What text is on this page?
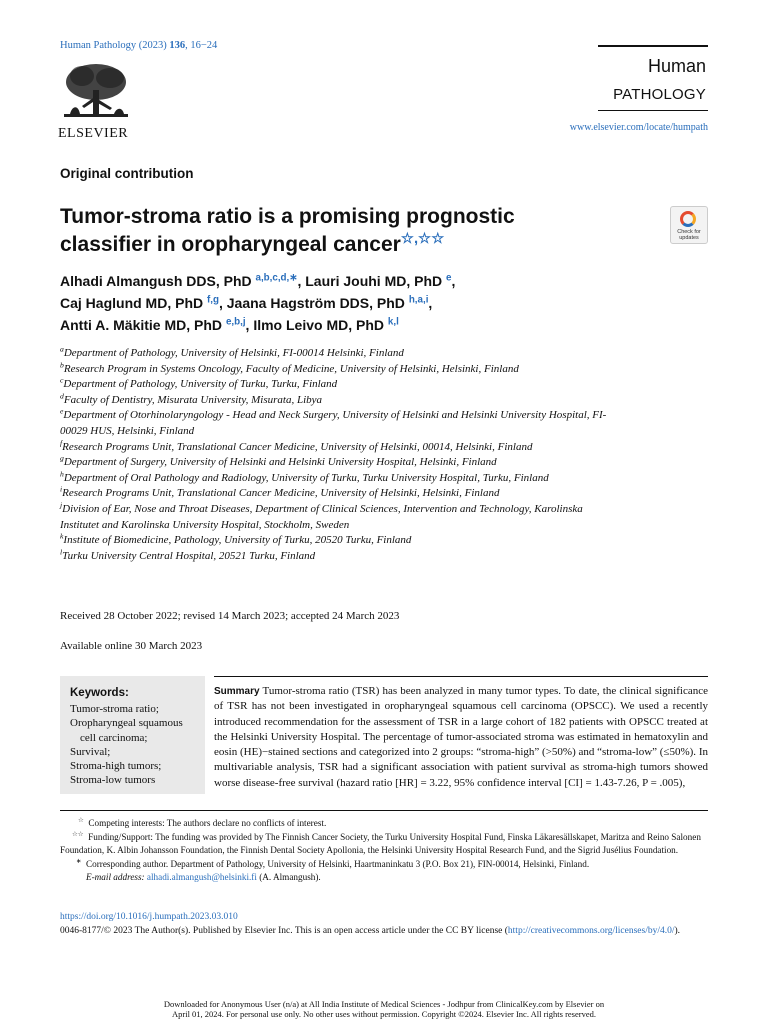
Human Pathology (2023) 136, 16−24
ELSEVIER
Human
PATHOLOGY
www.elsevier.com/locate/humpath
Original contribution
Tumor-stroma ratio is a promising prognostic
classifier in oropharyngeal cancer☆,☆☆	Check for updates
Alhadi Almangush DDS, PhD $^{a,b,c,d,∗}$, Lauri Jouhi MD, PhD $^e$,
Caj Haglund MD, PhD $^{f,g}$, Jaana Hagström DDS, PhD $^{h,a,i}$,
Antti A. Mäkitie MD, PhD $^{e,b,j}$, Ilmo Leivo MD, PhD $^{k,l}$
$^a$Department of Pathology, University of Helsinki, FI-00014 Helsinki, Finland
$^b$Research Program in Systems Oncology, Faculty of Medicine, University of Helsinki, Helsinki, Finland
$^c$Department of Pathology, University of Turku, Turku, Finland
$^d$Faculty of Dentistry, Misurata University, Misurata, Libya
$^e$Department of Otorhinolaryngology - Head and Neck Surgery, University of Helsinki and Helsinki University Hospital, FI-00029 HUS, Helsinki, Finland
$^f$Research Programs Unit, Translational Cancer Medicine, University of Helsinki, 00014, Helsinki, Finland
$^g$Department of Surgery, University of Helsinki and Helsinki University Hospital, Helsinki, Finland
$^h$Department of Oral Pathology and Radiology, University of Turku, Turku University Hospital, Turku, Finland
$^i$Research Programs Unit, Translational Cancer Medicine, University of Helsinki, Helsinki, Finland
$^j$Division of Ear, Nose and Throat Diseases, Department of Clinical Sciences, Intervention and Technology, Karolinska Institutet and Karolinska University Hospital, Stockholm, Sweden
$^k$Institute of Biomedicine, Pathology, University of Turku, 20520 Turku, Finland
$^l$Turku University Central Hospital, 20521 Turku, Finland
Received 28 October 2022; revised 14 March 2023; accepted 24 March 2023
Available online 30 March 2023
Keywords:
Tumor-stroma ratio;
Oropharyngeal squamous cell carcinoma;
Survival;
Stroma-high tumors;
Stroma-low tumors
Summary Tumor-stroma ratio (TSR) has been analyzed in many tumor types. To date, the clinical significance of TSR has not been investigated in oropharyngeal squamous cell carcinoma (OPSCC). We used a recently introduced recommendation for the assessment of TSR in a large cohort of 182 patients with OPSCC treated at the Helsinki University Hospital. The percentage of tumor-associated stroma was estimated in hematoxylin and eosin (HE)−stained sections and categorized into 2 groups: “stroma-high” (>50%) and “stroma-low” (≤50%). In multivariable analysis, TSR had a significant association with patient survival as stroma-high tumors showed worse disease-free survival (hazard ratio [HR] = 3.22, 95% confidence interval [CI] = 1.43-7.26, P = .005),
☆ Competing interests: The authors declare no conflicts of interest.
☆☆ Funding/Support: The funding was provided by The Finnish Cancer Society, the Turku University Hospital Fund, Finska Läkaresällskapet, Maritza and Reino Salonen Foundation, K. Albin Johansson Foundation, the Finnish Dental Society Apollonia, the Helsinki University Hospital Research Fund, and the Sigrid Jusélius Foundation.
∗ Corresponding author. Department of Pathology, University of Helsinki, Haartmaninkatu 3 (P.O. Box 21), FIN-00014, Helsinki, Finland.
E-mail address: alhadi.almangush@helsinki.fi (A. Almangush).
https://doi.org/10.1016/j.humpath.2023.03.010
0046-8177/© 2023 The Author(s). Published by Elsevier Inc. This is an open access article under the CC BY license (http://creativecommons.org/licenses/by/4.0/).
Downloaded for Anonymous User (n/a) at All India Institute of Medical Sciences - Jodhpur from ClinicalKey.com by Elsevier on
April 01, 2024. For personal use only. No other uses without permission. Copyright ©2024. Elsevier Inc. All rights reserved.
